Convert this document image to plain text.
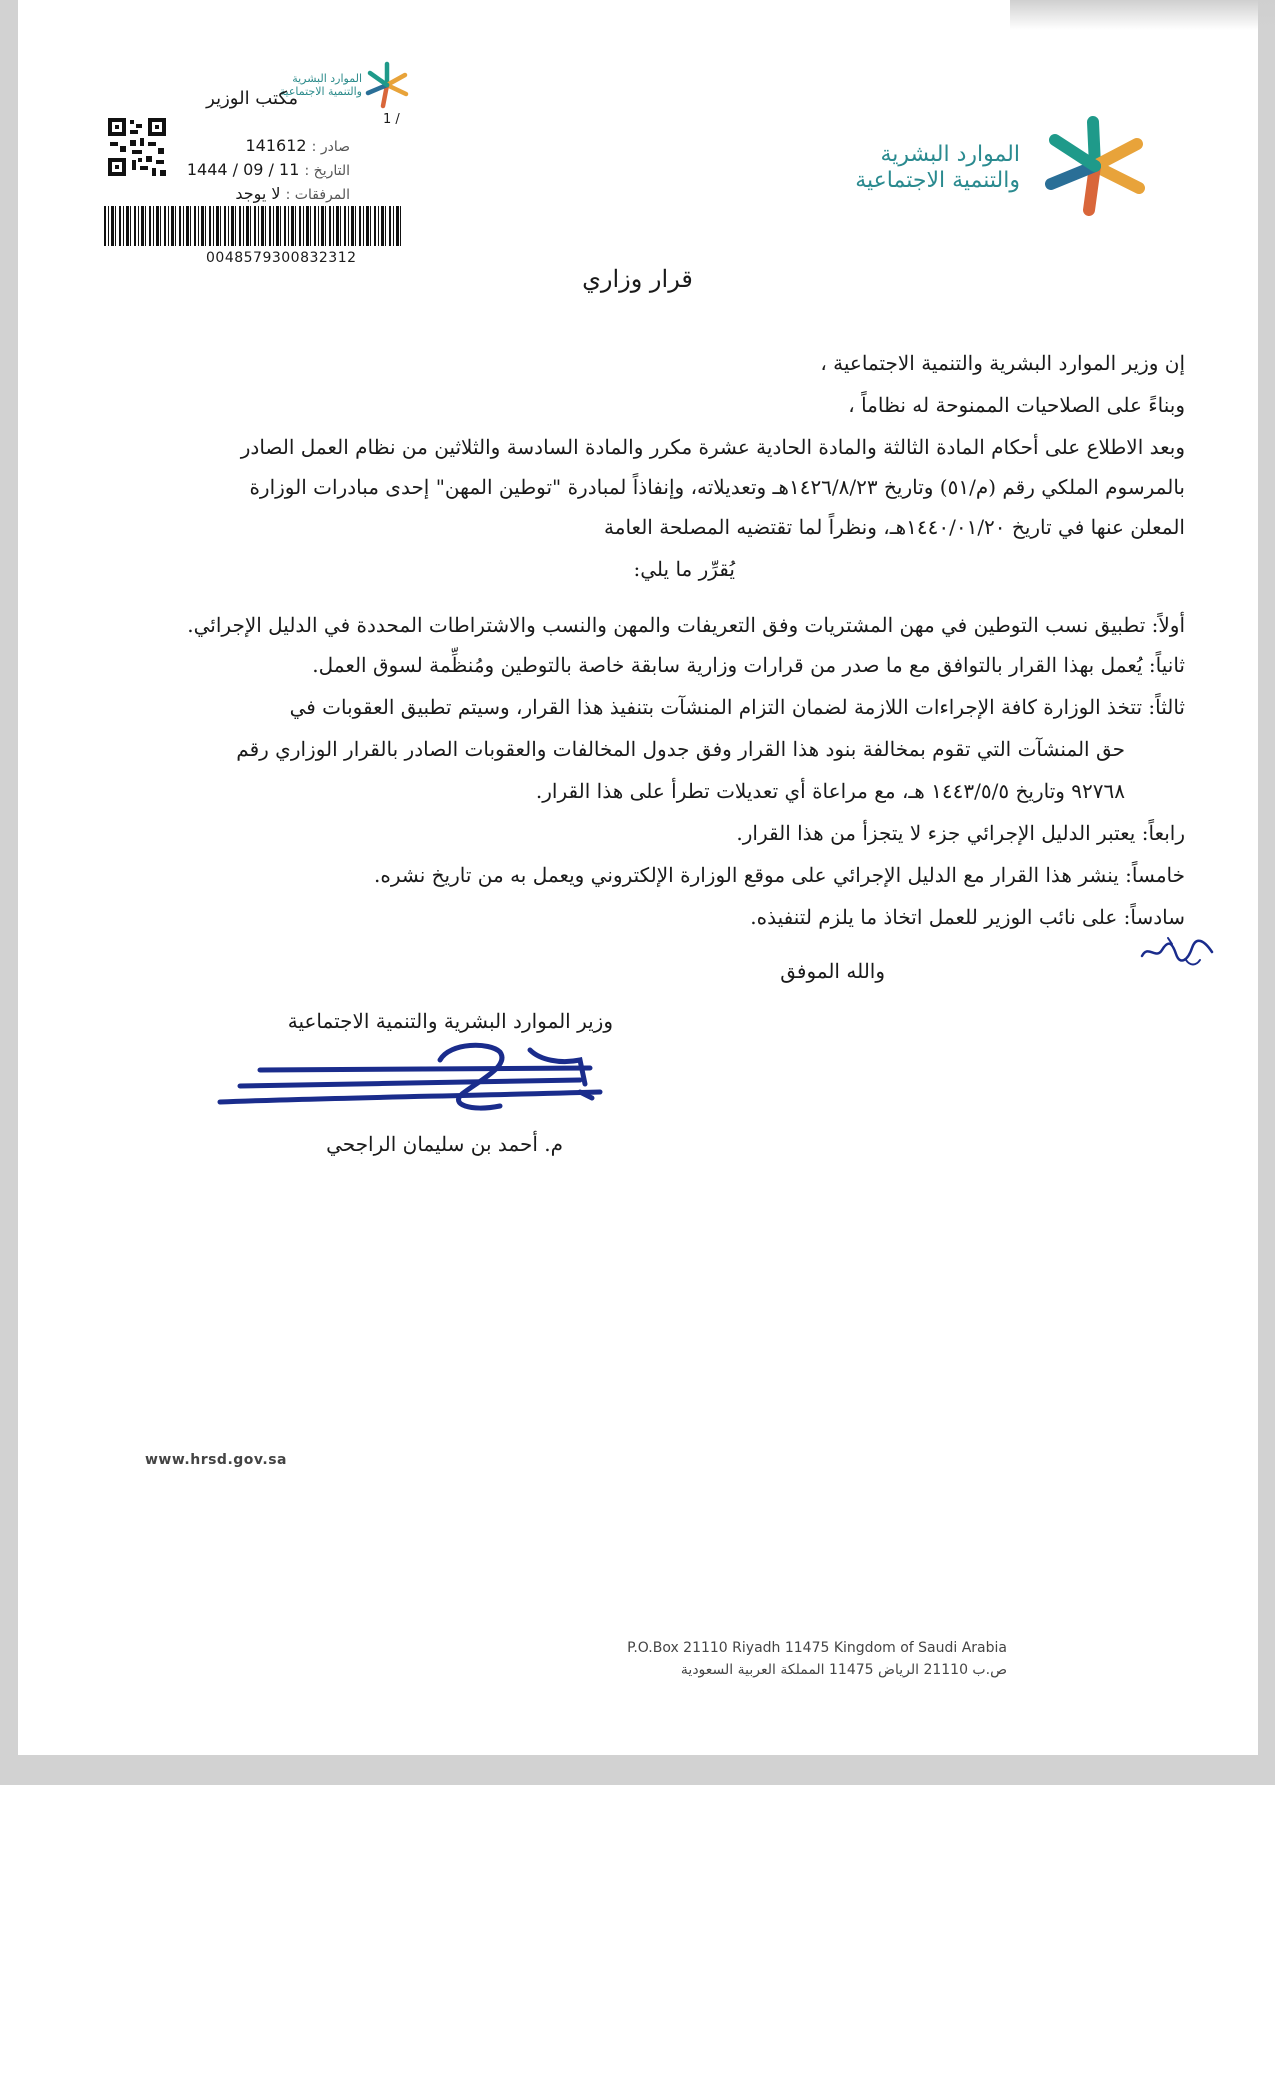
الموارد البشرية
والتنمية الاجتماعية
مكتب الوزير
1 /
صادر : 141612
التاريخ : 1444 / 09 / 11
المرفقات : لا يوجد
0048579300832312
الموارد البشرية
والتنمية الاجتماعية
قرار وزاري
إن وزير الموارد البشرية والتنمية الاجتماعية ،
وبناءً على الصلاحيات الممنوحة له نظاماً ،
وبعد الاطلاع على أحكام المادة الثالثة والمادة الحادية عشرة مكرر والمادة السادسة والثلاثين من نظام العمل الصادر
بالمرسوم الملكي رقم (م/٥١) وتاريخ ١٤٢٦/٨/٢٣هـ وتعديلاته، وإنفاذاً لمبادرة "توطين المهن" إحدى مبادرات الوزارة
المعلن عنها في تاريخ ١٤٤٠/٠١/٢٠هـ، ونظراً لما تقتضيه المصلحة العامة
يُقرِّر ما يلي:
أولاً: تطبيق نسب التوطين في مهن المشتريات وفق التعريفات والمهن والنسب والاشتراطات المحددة في الدليل الإجرائي.
ثانياً: يُعمل بهذا القرار بالتوافق مع ما صدر من قرارات وزارية سابقة خاصة بالتوطين ومُنظِّمة لسوق العمل.
ثالثاً: تتخذ الوزارة كافة الإجراءات اللازمة لضمان التزام المنشآت بتنفيذ هذا القرار، وسيتم تطبيق العقوبات في
حق المنشآت التي تقوم بمخالفة بنود هذا القرار وفق جدول المخالفات والعقوبات الصادر بالقرار الوزاري رقم
٩٢٧٦٨ وتاريخ ١٤٤٣/٥/٥ هـ، مع مراعاة أي تعديلات تطرأ على هذا القرار.
رابعاً: يعتبر الدليل الإجرائي جزء لا يتجزأ من هذا القرار.
خامساً: ينشر هذا القرار مع الدليل الإجرائي على موقع الوزارة الإلكتروني ويعمل به من تاريخ نشره.
سادساً: على نائب الوزير للعمل اتخاذ ما يلزم لتنفيذه.
والله الموفق
وزير الموارد البشرية والتنمية الاجتماعية
م. أحمد بن سليمان الراجحي
www.hrsd.gov.sa
P.O.Box 21110 Riyadh 11475 Kingdom of Saudi Arabia
ص.ب 21110 الرياض 11475 المملكة العربية السعودية
